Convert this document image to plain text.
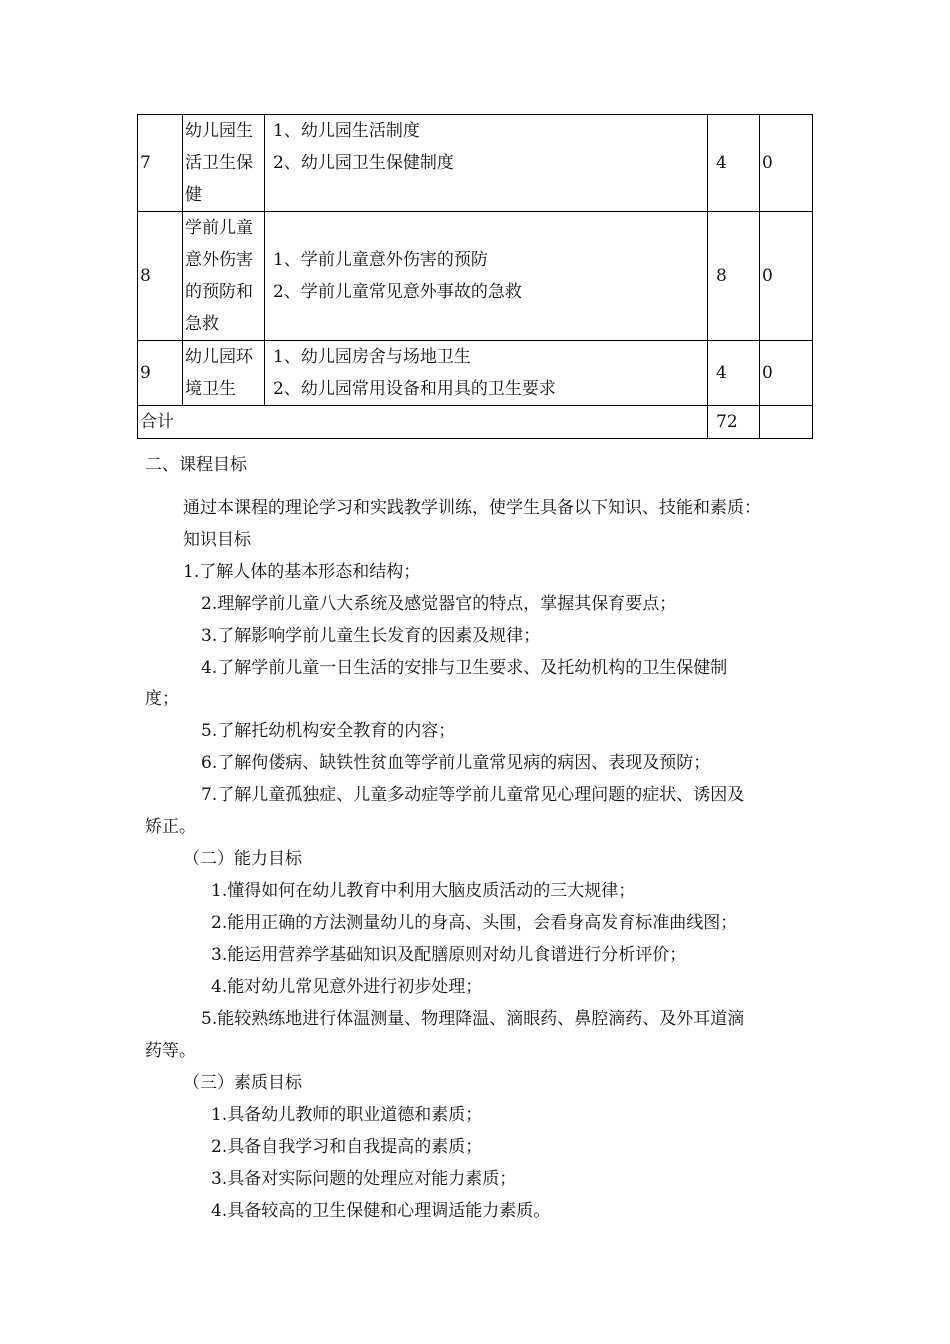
7	幼儿园生活卫生保健	1、幼儿园生活制度
2、幼儿园卫生保健制度	4	0
8	学前儿童意外伤害的预防和急救	1、学前儿童意外伤害的预防
2、学前儿童常见意外事故的急救	8	0
9	幼儿园环境卫生	1、幼儿园房舍与场地卫生
2、幼儿园常用设备和用具的卫生要求	4	0
合计			72	
二、课程目标
通过本课程的理论学习和实践教学训练，使学生具备以下知识、技能和素质：
知识目标
1.了解人体的基本形态和结构；
2.理解学前儿童八大系统及感觉器官的特点，掌握其保育要点；
3.了解影响学前儿童生长发育的因素及规律；
4.了解学前儿童一日生活的安排与卫生要求、及托幼机构的卫生保健制
度；
5.了解托幼机构安全教育的内容；
6.了解佝偻病、缺铁性贫血等学前儿童常见病的病因、表现及预防；
7.了解儿童孤独症、儿童多动症等学前儿童常见心理问题的症状、诱因及
矫正。
（二）能力目标
1.懂得如何在幼儿教育中利用大脑皮质活动的三大规律；
2.能用正确的方法测量幼儿的身高、头围，会看身高发育标准曲线图；
3.能运用营养学基础知识及配膳原则对幼儿食谱进行分析评价；
4.能对幼儿常见意外进行初步处理；
5.能较熟练地进行体温测量、物理降温、滴眼药、鼻腔滴药、及外耳道滴
药等。
（三）素质目标
1.具备幼儿教师的职业道德和素质；
2.具备自我学习和自我提高的素质；
3.具备对实际问题的处理应对能力素质；
4.具备较高的卫生保健和心理调适能力素质。
